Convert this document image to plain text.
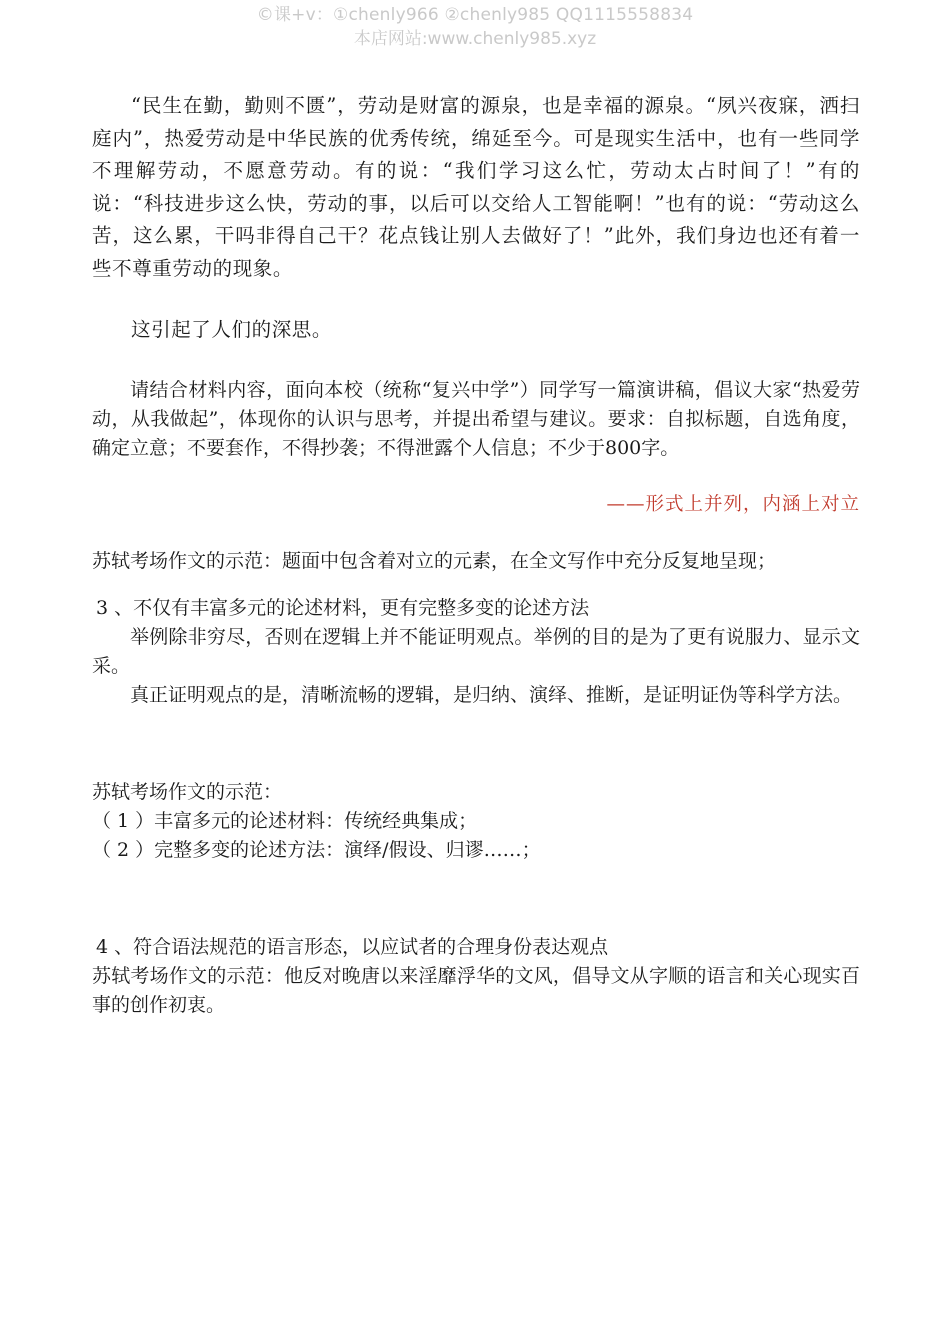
©课+v：①chenly966 ②chenly985 QQ1115558834
本店网站:www.chenly985.xyz

“民生在勤，勤则不匮”，劳动是财富的源泉，也是幸福的源泉。“夙兴夜寐，洒扫庭内”，热爱劳动是中华民族的优秀传统，绵延至今。可是现实生活中，也有一些同学不理解劳动，不愿意劳动。有的说：“我们学习这么忙，劳动太占时间了！”有的说：“科技进步这么快，劳动的事，以后可以交给人工智能啊！”也有的说：“劳动这么苦，这么累，干吗非得自己干？花点钱让别人去做好了！”此外，我们身边也还有着一些不尊重劳动的现象。

这引起了人们的深思。

请结合材料内容，面向本校（统称“复兴中学”）同学写一篇演讲稿，倡议大家“热爱劳动，从我做起”，体现你的认识与思考，并提出希望与建议。要求：自拟标题，自选角度，确定立意；不要套作，不得抄袭；不得泄露个人信息；不少于800字。

——形式上并列，内涵上对立

苏轼考场作文的示范：题面中包含着对立的元素，在全文写作中充分反复地呈现；

3 、不仅有丰富多元的论述材料，更有完整多变的论述方法

举例除非穷尽，否则在逻辑上并不能证明观点。举例的目的是为了更有说服力、显示文采。

真正证明观点的是，清晰流畅的逻辑，是归纳、演绎、推断，是证明证伪等科学方法。

苏轼考场作文的示范：

（ 1 ）丰富多元的论述材料：传统经典集成；

（ 2 ）完整多变的论述方法：演绎/假设、归谬……；

4 、符合语法规范的语言形态，以应试者的合理身份表达观点

苏轼考场作文的示范：他反对晚唐以来淫靡浮华的文风，倡导文从字顺的语言和关心现实百事的创作初衷。
